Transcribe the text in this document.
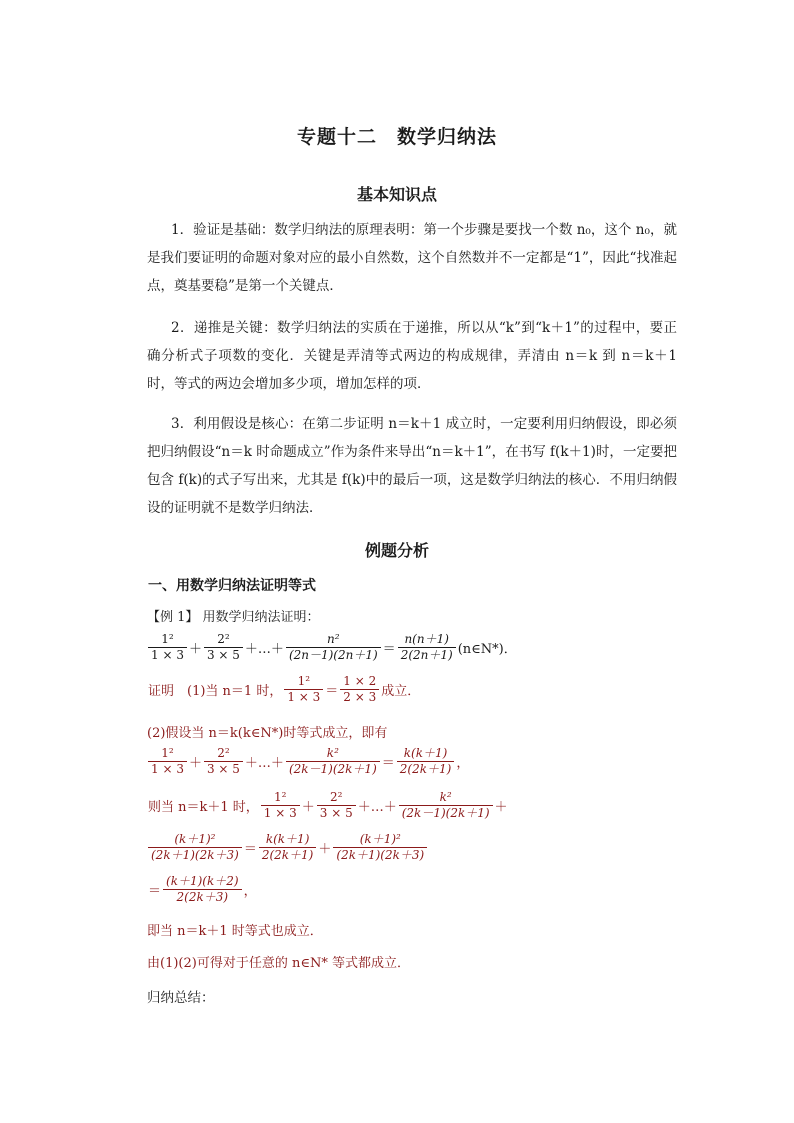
专题十二　数学归纳法
基本知识点
1．验证是基础：数学归纳法的原理表明：第一个步骤是要找一个数 n₀，这个 n₀，就是我们要证明的命题对象对应的最小自然数，这个自然数并不一定都是“1”，因此“找准起点，奠基要稳”是第一个关键点．
2．递推是关键：数学归纳法的实质在于递推，所以从“k”到“k＋1”的过程中，要正确分析式子项数的变化．关键是弄清等式两边的构成规律，弄清由 n＝k 到 n＝k＋1 时，等式的两边会增加多少项，增加怎样的项．
3．利用假设是核心：在第二步证明 n＝k＋1 成立时，一定要利用归纳假设，即必须把归纳假设“n＝k 时命题成立”作为条件来导出“n＝k＋1”，在书写 f(k＋1)时，一定要把包含 f(k)的式子写出来，尤其是 f(k)中的最后一项，这是数学归纳法的核心．不用归纳假设的证明就不是数学归纳法．
例题分析
一、用数学归纳法证明等式
【例 1】 用数学归纳法证明：
$\frac{\text{1²}}{1 \times 3} + \frac{\text{2²}}{3 \times 5}$ ＋…＋ $\frac{\text{n²}}{(2n-1)(2n+1)} = \frac{n(n+1)}{2(2n+1)}$ (n∈N*)．
证明　(1)当 n＝1 时， $\frac{\text{1²}}{1 \times 3} = \frac{1 \times 2}{2 \times 3}$ 成立．
(2)假设当 n＝k(k∈N*)时等式成立，即有
$\frac{\text{1²}}{1 \times 3} + \frac{\text{2²}}{3 \times 5}$ ＋…＋ $\frac{\text{k²}}{(2k-1)(2k+1)} = \frac{k(k+1)}{2(2k+1)}$ ，
则当 n＝k＋1 时， $\frac{\text{1²}}{1 \times 3} + \frac{\text{2²}}{3 \times 5}$ ＋…＋ $\frac{\text{k²}}{(2k-1)(2k+1)}$ ＋
$\frac{\text{(k＋1)²}}{(2k+1)(2k+3)} = \frac{k(k+1)}{2(2k+1)} + \frac{\text{(k＋1)²}}{(2k+1)(2k+3)}$
＝ $\frac{(k+1)(k+2)}{2(2k+3)}$ ，
即当 n＝k＋1 时等式也成立．
由(1)(2)可得对于任意的 n∈N* 等式都成立．
归纳总结：
